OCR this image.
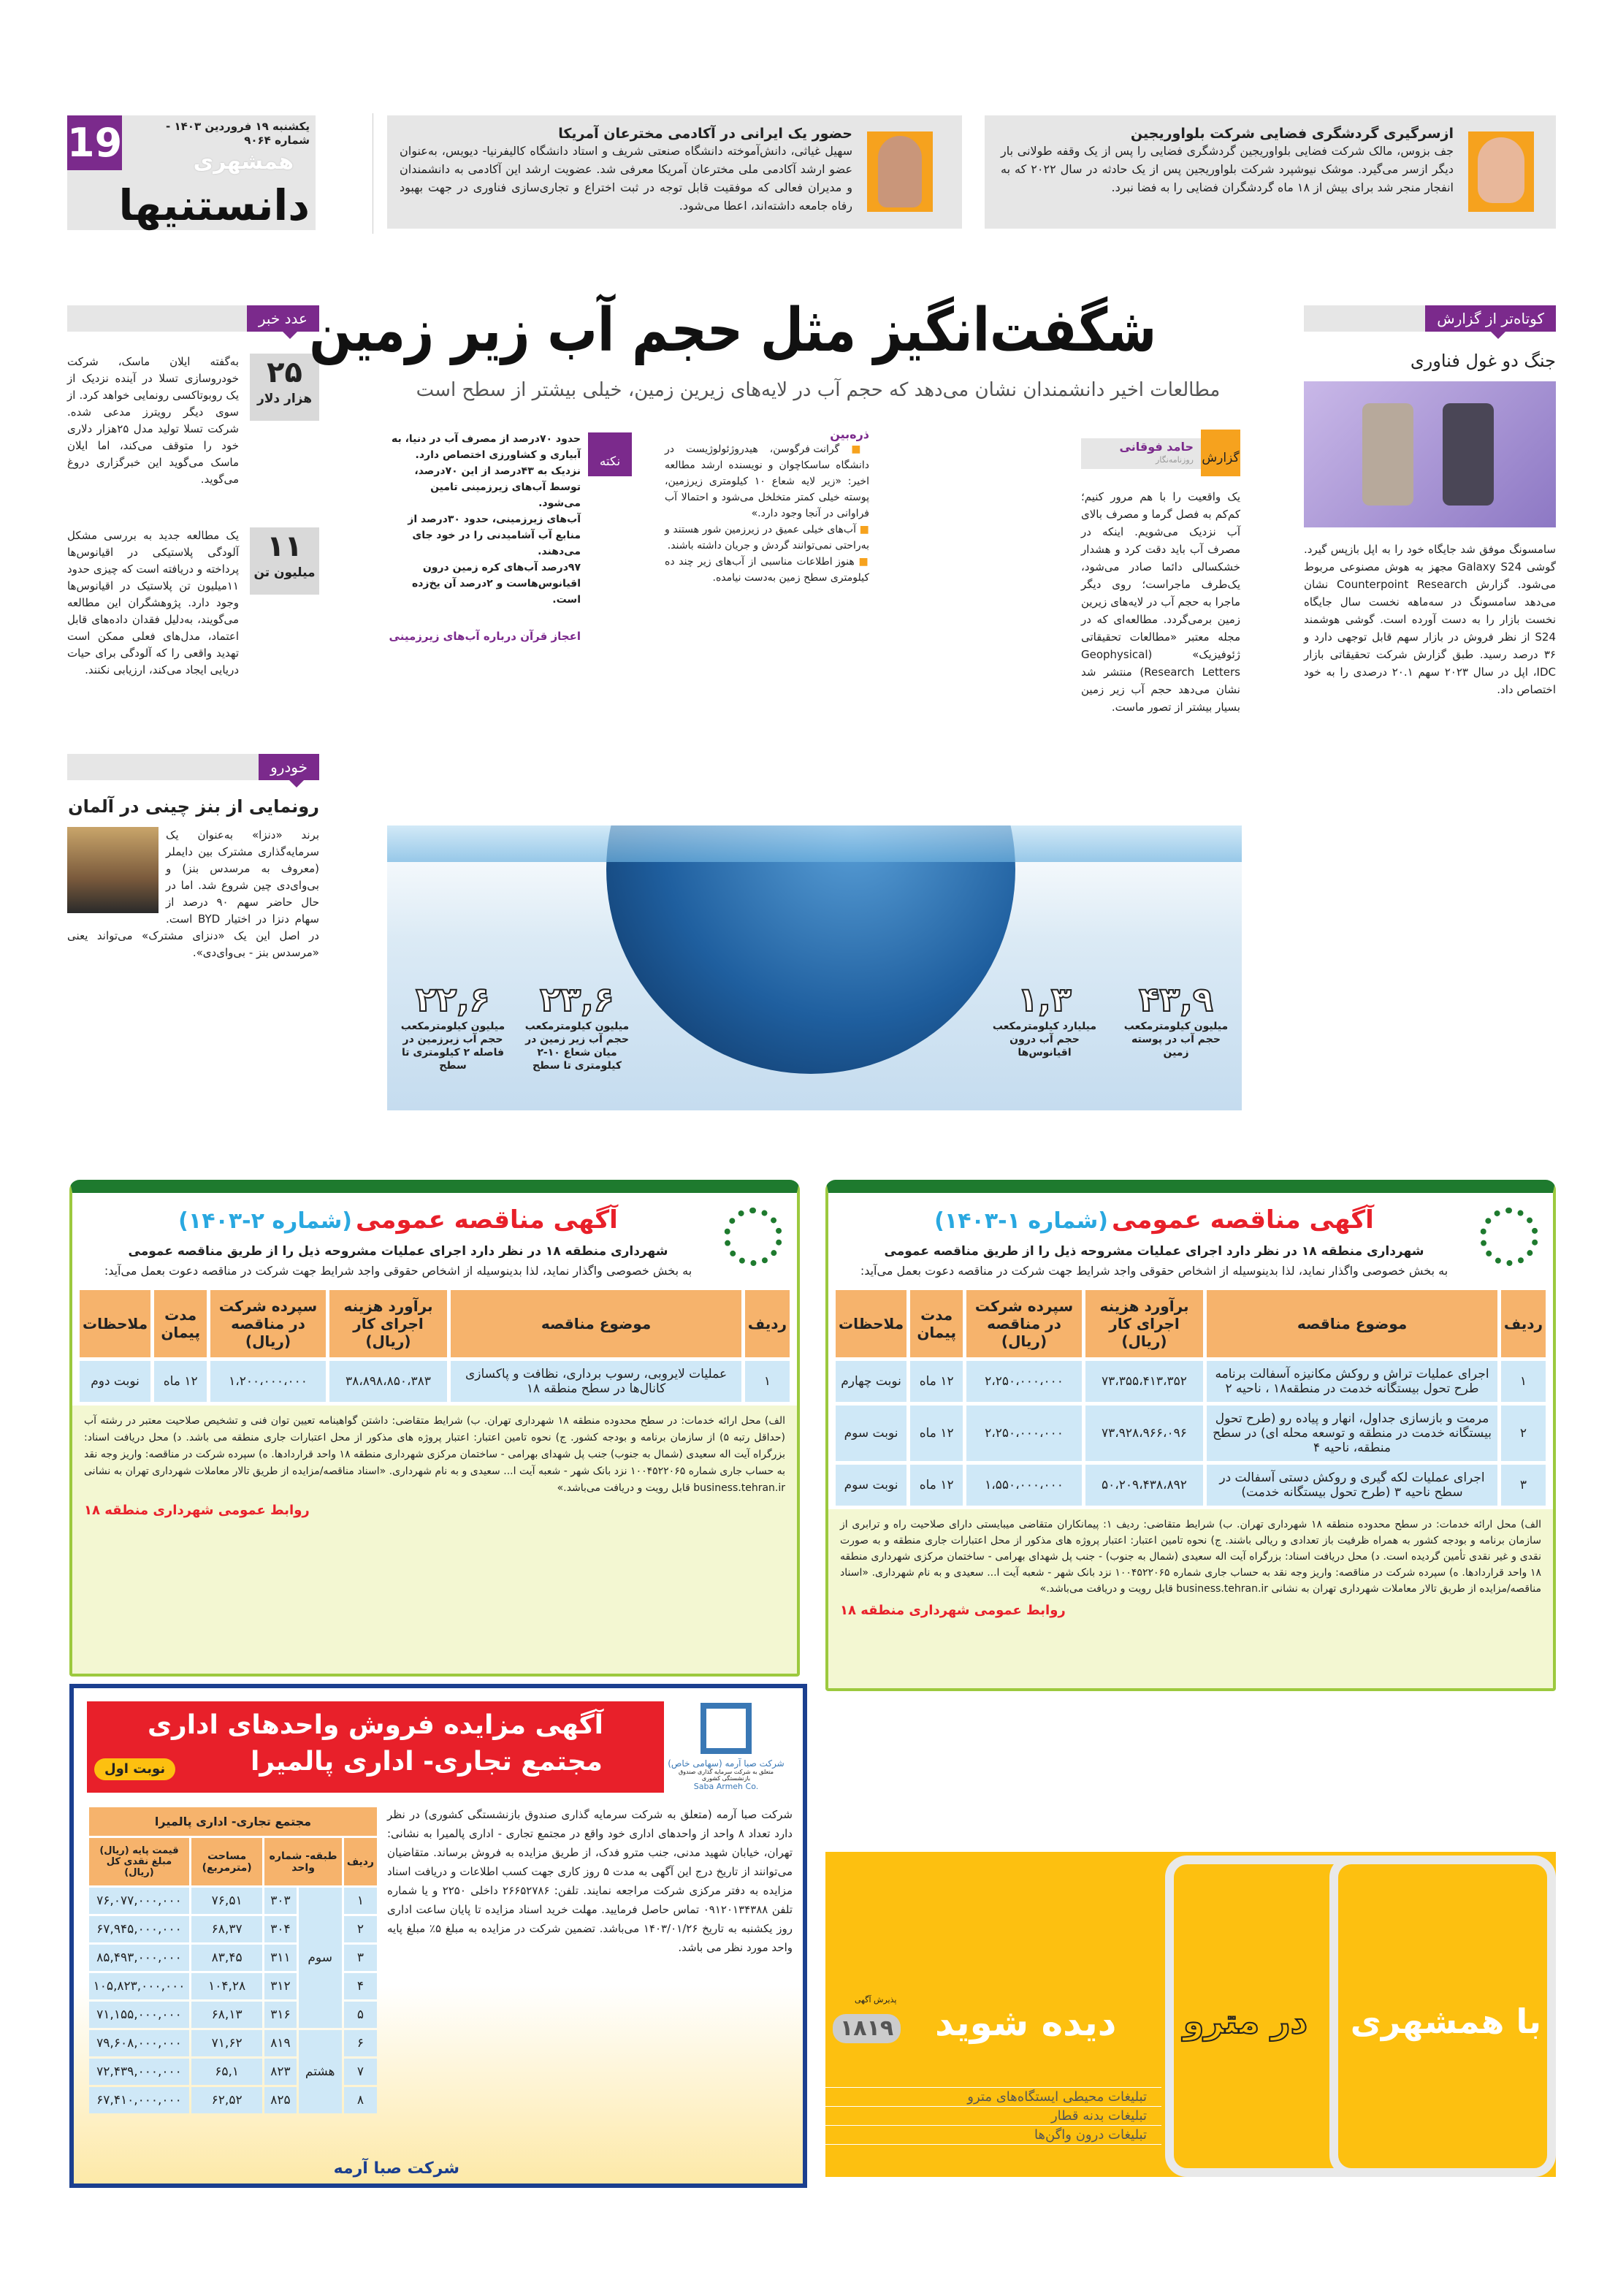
19	یکشنبه ۱۹ فروردین ۱۴۰۳ - شماره ۹۰۶۴
همشهری
دانستنیها
ازسرگیری گردشگری فضایی شرکت بلواوریجین
جف بزوس، مالک شرکت فضایی بلواوریجین گردشگری فضایی را پس از یک وقفه طولانی بار دیگر ازسر می‌گیرد. موشک نیوشپرد شرکت بلواوریجین پس از یک حادثه در سال ۲۰۲۲ که به انفجار منجر شد برای بیش از ۱۸ ماه گردشگران فضایی را به فضا نبرد.
حضور یک ایرانی در آکادمی مخترعان آمریکا
سهیل غیاثی، دانش‌آموخته دانشگاه صنعتی شریف و استاد دانشگاه کالیفرنیا- دیویس، به‌عنوان عضو ارشد آکادمی ملی مخترعان آمریکا معرفی شد. عضویت ارشد این آکادمی به دانشمندان و مدیران فعالی که موفقیت قابل توجه در ثبت اختراع و تجاری‌سازی فناوری در جهت بهبود رفاه جامعه داشته‌اند، اعطا می‌شود.
عدد خبر
۲۵
هزار دلار
به‌گفته ایلان ماسک، شرکت خودروسازی تسلا در آینده نزدیک از یک روبوتاکسی رونمایی خواهد کرد. از سوی دیگر رویترز مدعی شده. شرکت تسلا تولید مدل ۲۵هزار دلاری خود را متوقف می‌کند، اما ایلان ماسک می‌گوید این خبرگزاری دروغ می‌گوید.
۱۱
میلیون تن
یک مطالعه جدید به بررسی مشکل آلودگی پلاستیکی در اقیانوس‌ها پرداخته و دریافته است که چیزی حدود ۱۱میلیون تن پلاستیک در اقیانوس‌ها وجود دارد. پژوهشگران این مطالعه می‌گویند، به‌دلیل فقدان داده‌های قابل اعتماد، مدل‌های فعلی ممکن است تهدید واقعی را که آلودگی برای حیات دریایی ایجاد می‌کند، ارزیابی نکنند.
خودرو
رونمایی از بنز چینی در آلمان
برند «دنزا» به‌عنوان یک سرمایه‌گذاری مشترک بین دایملر (معروف به مرسدس بنز) و بی‌وای‌دی چین شروع شد. اما در حال حاضر سهم ۹۰ درصد از سهام دنزا در اختیار BYD است. در اصل این یک «دنزای مشترک» می‌تواند یعنی «مرسدس بنز - بی‌وای‌دی».
شگفت‌انگیز مثل حجم آب زیر زمین
مطالعات اخیر دانشمندان نشان می‌دهد که حجم آب در لایه‌های زیرین زمین، خیلی بیشتر از سطح است
گزارش
حامد فوقانی
روزنامه‌نگار
یک واقعیت را با هم مرور کنیم؛ کم‌کم به فصل گرما و مصرف بالای آب نزدیک می‌شویم. اینکه در مصرف آب باید دقت کرد و هشدار خشکسالی دائما صادر می‌شود، یک‌طرف ماجراست؛ روی دیگر ماجرا به حجم آب در لایه‌های زیرین زمین برمی‌گردد. مطالعه‌ای که در مجله معتبر «مطالعات تحقیقاتی ژئوفیزیک» (Geophysical Research Letters) منتشر شد نشان می‌دهد حجم آب زیر زمین بسیار بیشتر از تصور ماست.
ذره‌بین
■ گرانت فرگوسن، هیدروژئولوژیست در دانشگاه ساسکاچوان و نویسنده ارشد مطالعه اخیر: «زیر لایه شعاع ۱۰ کیلومتری زیرزمین، پوسته خیلی کمتر متخلخل می‌شود و احتمالا آب فراوانی در آنجا وجود دارد.»
■ آب‌های خیلی عمیق در زیرزمین شور هستند و به‌راحتی نمی‌توانند گردش و جریان داشته باشند.
■ هنوز اطلاعات مناسبی از آب‌های زیر چند ده کیلومتری سطح زمین به‌دست نیامده.
نکته
حدود ۷۰درصد از مصرف آب در دنیا، به آبیاری و کشاورزی اختصاص دارد.
نزدیک به ۴۳درصد از این ۷۰درصد، توسط آب‌های زیرزمینی تامین می‌شود.
آب‌های زیرزمینی، حدود ۳۰درصد از منابع آب آشامیدنی را در خود جای می‌دهند.
۹۷درصد آب‌های کره زمین درون اقیانوس‌هاست و ۲درصد آن یخ‌زده است.
اعجاز قرآن درباره آب‌های زیرزمینی
۴۳,۹
میلیون کیلومترمکعب حجم آب در پوسته زمین
۱,۳
میلیارد کیلومترمکعب حجم آب درون اقیانوس‌ها
۲۳,۶
میلیون کیلومترمکعب حجم آب زیر زمین در میان شعاع ۱۰-۲ کیلومتری تا سطح
۲۲,۶
میلیون کیلومترمکعب حجم آب زیرزمین در فاصله ۲ کیلومتری تا سطح
کوتاه‌تر از گزارش
جنگ دو غول فناوری
سامسونگ موفق شد جایگاه خود را به اپل بازپس گیرد. گوشی Galaxy S24 مجهز به هوش مصنوعی مربوط می‌شود. گزارش Counterpoint Research نشان می‌دهد سامسونگ در سه‌ماهه نخست سال جایگاه نخست بازار را به دست آورده است. گوشی هوشمند S24 از نظر فروش در بازار سهم قابل توجهی دارد و ۳۶ درصد رسید. طبق گزارش شرکت تحقیقاتی بازار IDC، اپل در سال ۲۰۲۳ سهم ۲۰.۱ درصدی را به خود اختصاص داد.
آگهی مناقصه عمومی (شماره ۱-۱۴۰۳)
شهرداری منطقه ۱۸ در نظر دارد اجرای عملیات مشروحه ذیل را از طریق مناقصه عمومی
به بخش خصوصی واگذار نماید، لذا بدینوسیله از اشخاص حقوقی واجد شرایط جهت شرکت در مناقصه دعوت بعمل می‌آید:
ردیف	موضوع مناقصه	برآورد هزینه اجرای کار (ریال)	سپرده شرکت در مناقصه (ریال)	مدت پیمان	ملاحظات
۱	اجرای عملیات تراش و روکش مکانیزه آسفالت برنامه طرح تحول بیستگانه خدمت در منطقه۱۸ ، ناحیه ۲	۷۳،۳۵۵،۴۱۳،۳۵۲	۲،۲۵۰،۰۰۰،۰۰۰	۱۲ ماه	نوبت چهارم
۲	مرمت و بازسازی جداول، انهار و پیاده رو (طرح تحول بیستگانه خدمت در منطقه و توسعه محله ای) در سطح منطقه، ناحیه ۴	۷۳،۹۲۸،۹۶۶،۰۹۶	۲،۲۵۰،۰۰۰،۰۰۰	۱۲ ماه	نوبت سوم
۳	اجرای عملیات لکه گیری و روکش دستی آسفالت در سطح ناحیه ۳ (طرح تحول بیستگانه خدمت)	۵۰،۲۰۹،۴۳۸،۸۹۲	۱،۵۵۰،۰۰۰،۰۰۰	۱۲ ماه	نوبت سوم
الف) محل ارائه خدمات: در سطح محدوده منطقه ۱۸ شهرداری تهران. ب) شرایط متقاضی: ردیف ۱: پیمانکاران متقاضی میبایستی دارای صلاحیت راه و ترابری از سازمان برنامه و بودجه کشور به همراه ظرفیت باز تعدادی و ریالی باشند. ج) نحوه تامین اعتبار: اعتبار پروژه های مذکور از محل اعتبارات جاری منطقه و به صورت نقدی و غیر نقدی تأمین گردیده است. د) محل دریافت اسناد: بزرگراه آیت اله سعیدی (شمال به جنوب) - جنب پل شهدای بهرامی - ساختمان مرکزی شهرداری منطقه ۱۸ واحد قراردادها. ه) سپرده شرکت در مناقصه: واریز وجه نقد به حساب جاری شماره ۱۰۰۴۵۲۲۰۶۵ نزد بانک شهر - شعبه آیت ا... سعیدی و به نام شهرداری. «اسناد مناقصه/مزایده از طریق تالار معاملات شهرداری تهران به نشانی business.tehran.ir قابل رویت و دریافت می‌باشد.»
روابط عمومی شهرداری منطقه ۱۸
آگهی مناقصه عمومی (شماره ۲-۱۴۰۳)
شهرداری منطقه ۱۸ در نظر دارد اجرای عملیات مشروحه ذیل را از طریق مناقصه عمومی
به بخش خصوصی واگذار نماید، لذا بدینوسیله از اشخاص حقوقی واجد شرایط جهت شرکت در مناقصه دعوت بعمل می‌آید:
ردیف	موضوع مناقصه	برآورد هزینه اجرای کار (ریال)	سپرده شرکت در مناقصه (ریال)	مدت پیمان	ملاحظات
۱	عملیات لایروبی، رسوب برداری، نظافت و پاکسازی کانال‌ها در سطح منطقه ۱۸	۳۸،۸۹۸،۸۵۰،۳۸۳	۱،۲۰۰،۰۰۰،۰۰۰	۱۲ ماه	نوبت دوم
الف) محل ارائه خدمات: در سطح محدوده منطقه ۱۸ شهرداری تهران. ب) شرایط متقاضی: داشتن گواهینامه تعیین توان فنی و تشخیص صلاحیت معتبر در رشته آب (حداقل رتبه ۵) از سازمان برنامه و بودجه کشور. ج) نحوه تامین اعتبار: اعتبار پروژه های مذکور از محل اعتبارات جاری منطقه می باشد. د) محل دریافت اسناد: بزرگراه آیت اله سعیدی (شمال به جنوب) جنب پل شهدای بهرامی - ساختمان مرکزی شهرداری منطقه ۱۸ واحد قراردادها. ه) سپرده شرکت در مناقصه: واریز وجه نقد به حساب جاری شماره ۱۰۰۴۵۲۲۰۶۵ نزد بانک شهر - شعبه آیت ا... سعیدی و به نام شهرداری. «اسناد مناقصه/مزایده از طریق تالار معاملات شهرداری تهران به نشانی business.tehran.ir قابل رویت و دریافت می‌باشد.»
روابط عمومی شهرداری منطقه ۱۸
آگهی مزایده فروش واحدهای اداری
مجتمع تجاری- اداری پالمیرا
نوبت اول	شرکت صبا آرمه (سهامی خاص)
متعلق به شرکت سرمایه گذاری صندوق بازنشستگی کشوری
Saba Armeh Co.
شرکت صبا آرمه (متعلق به شرکت سرمایه گذاری صندوق بازنشستگی کشوری) در نظر دارد تعداد ۸ واحد از واحدهای اداری خود واقع در مجتمع تجاری - اداری پالمیرا به نشانی: تهران، خیابان شهید مدنی، جنب مترو فدک، از طریق مزایده به فروش برساند. متقاضیان می‌توانند از تاریخ درج این آگهی به مدت ۵ روز کاری جهت کسب اطلاعات و دریافت اسناد مزایده به دفتر مرکزی شرکت مراجعه نمایند. تلفن: ۲۶۶۵۲۷۸۶ داخلی ۲۲۵۰ و یا شماره تلفن ۰۹۱۲۰۱۳۴۳۸۸ تماس حاصل فرمایید. مهلت خرید اسناد مزایده تا پایان ساعت اداری روز یکشنبه به تاریخ ۱۴۰۳/۰۱/۲۶ می‌باشد. تضمین شرکت در مزایده به مبلغ ۵٪ مبلغ پایه واحد مورد نظر می باشد.
شرکت صبا آرمه
مجتمع تجاری- اداری پالمیرا				
ردیف	طبقه- شماره واحد		مساحت (مترمربع)	قیمت پایه (ریال)
مبلغ نقدی کل (ریال)
۱	سوم	۳۰۳	۷۶,۵۱	۷۶,۰۷۷,۰۰۰,۰۰۰
۲		۳۰۴	۶۸,۳۷	۶۷,۹۴۵,۰۰۰,۰۰۰
۳		۳۱۱	۸۳,۴۵	۸۵,۴۹۳,۰۰۰,۰۰۰
۴		۳۱۲	۱۰۴,۲۸	۱۰۵,۸۲۳,۰۰۰,۰۰۰
۵		۳۱۶	۶۸,۱۳	۷۱,۱۵۵,۰۰۰,۰۰۰
۶	هشتم	۸۱۹	۷۱,۶۲	۷۹,۶۰۸,۰۰۰,۰۰۰
۷		۸۲۳	۶۵,۱	۷۲,۴۳۹,۰۰۰,۰۰۰
۸		۸۲۵	۶۲,۵۲	۶۷,۴۱۰,۰۰۰,۰۰۰
با همشهری
در مترو
دیده شوید
پذیرش آگهی
۱۸۱۹
تبلیغات محیطی ایستگاه‌های مترو
تبلیغات بدنه قطار
تبلیغات درون واگن‌ها
